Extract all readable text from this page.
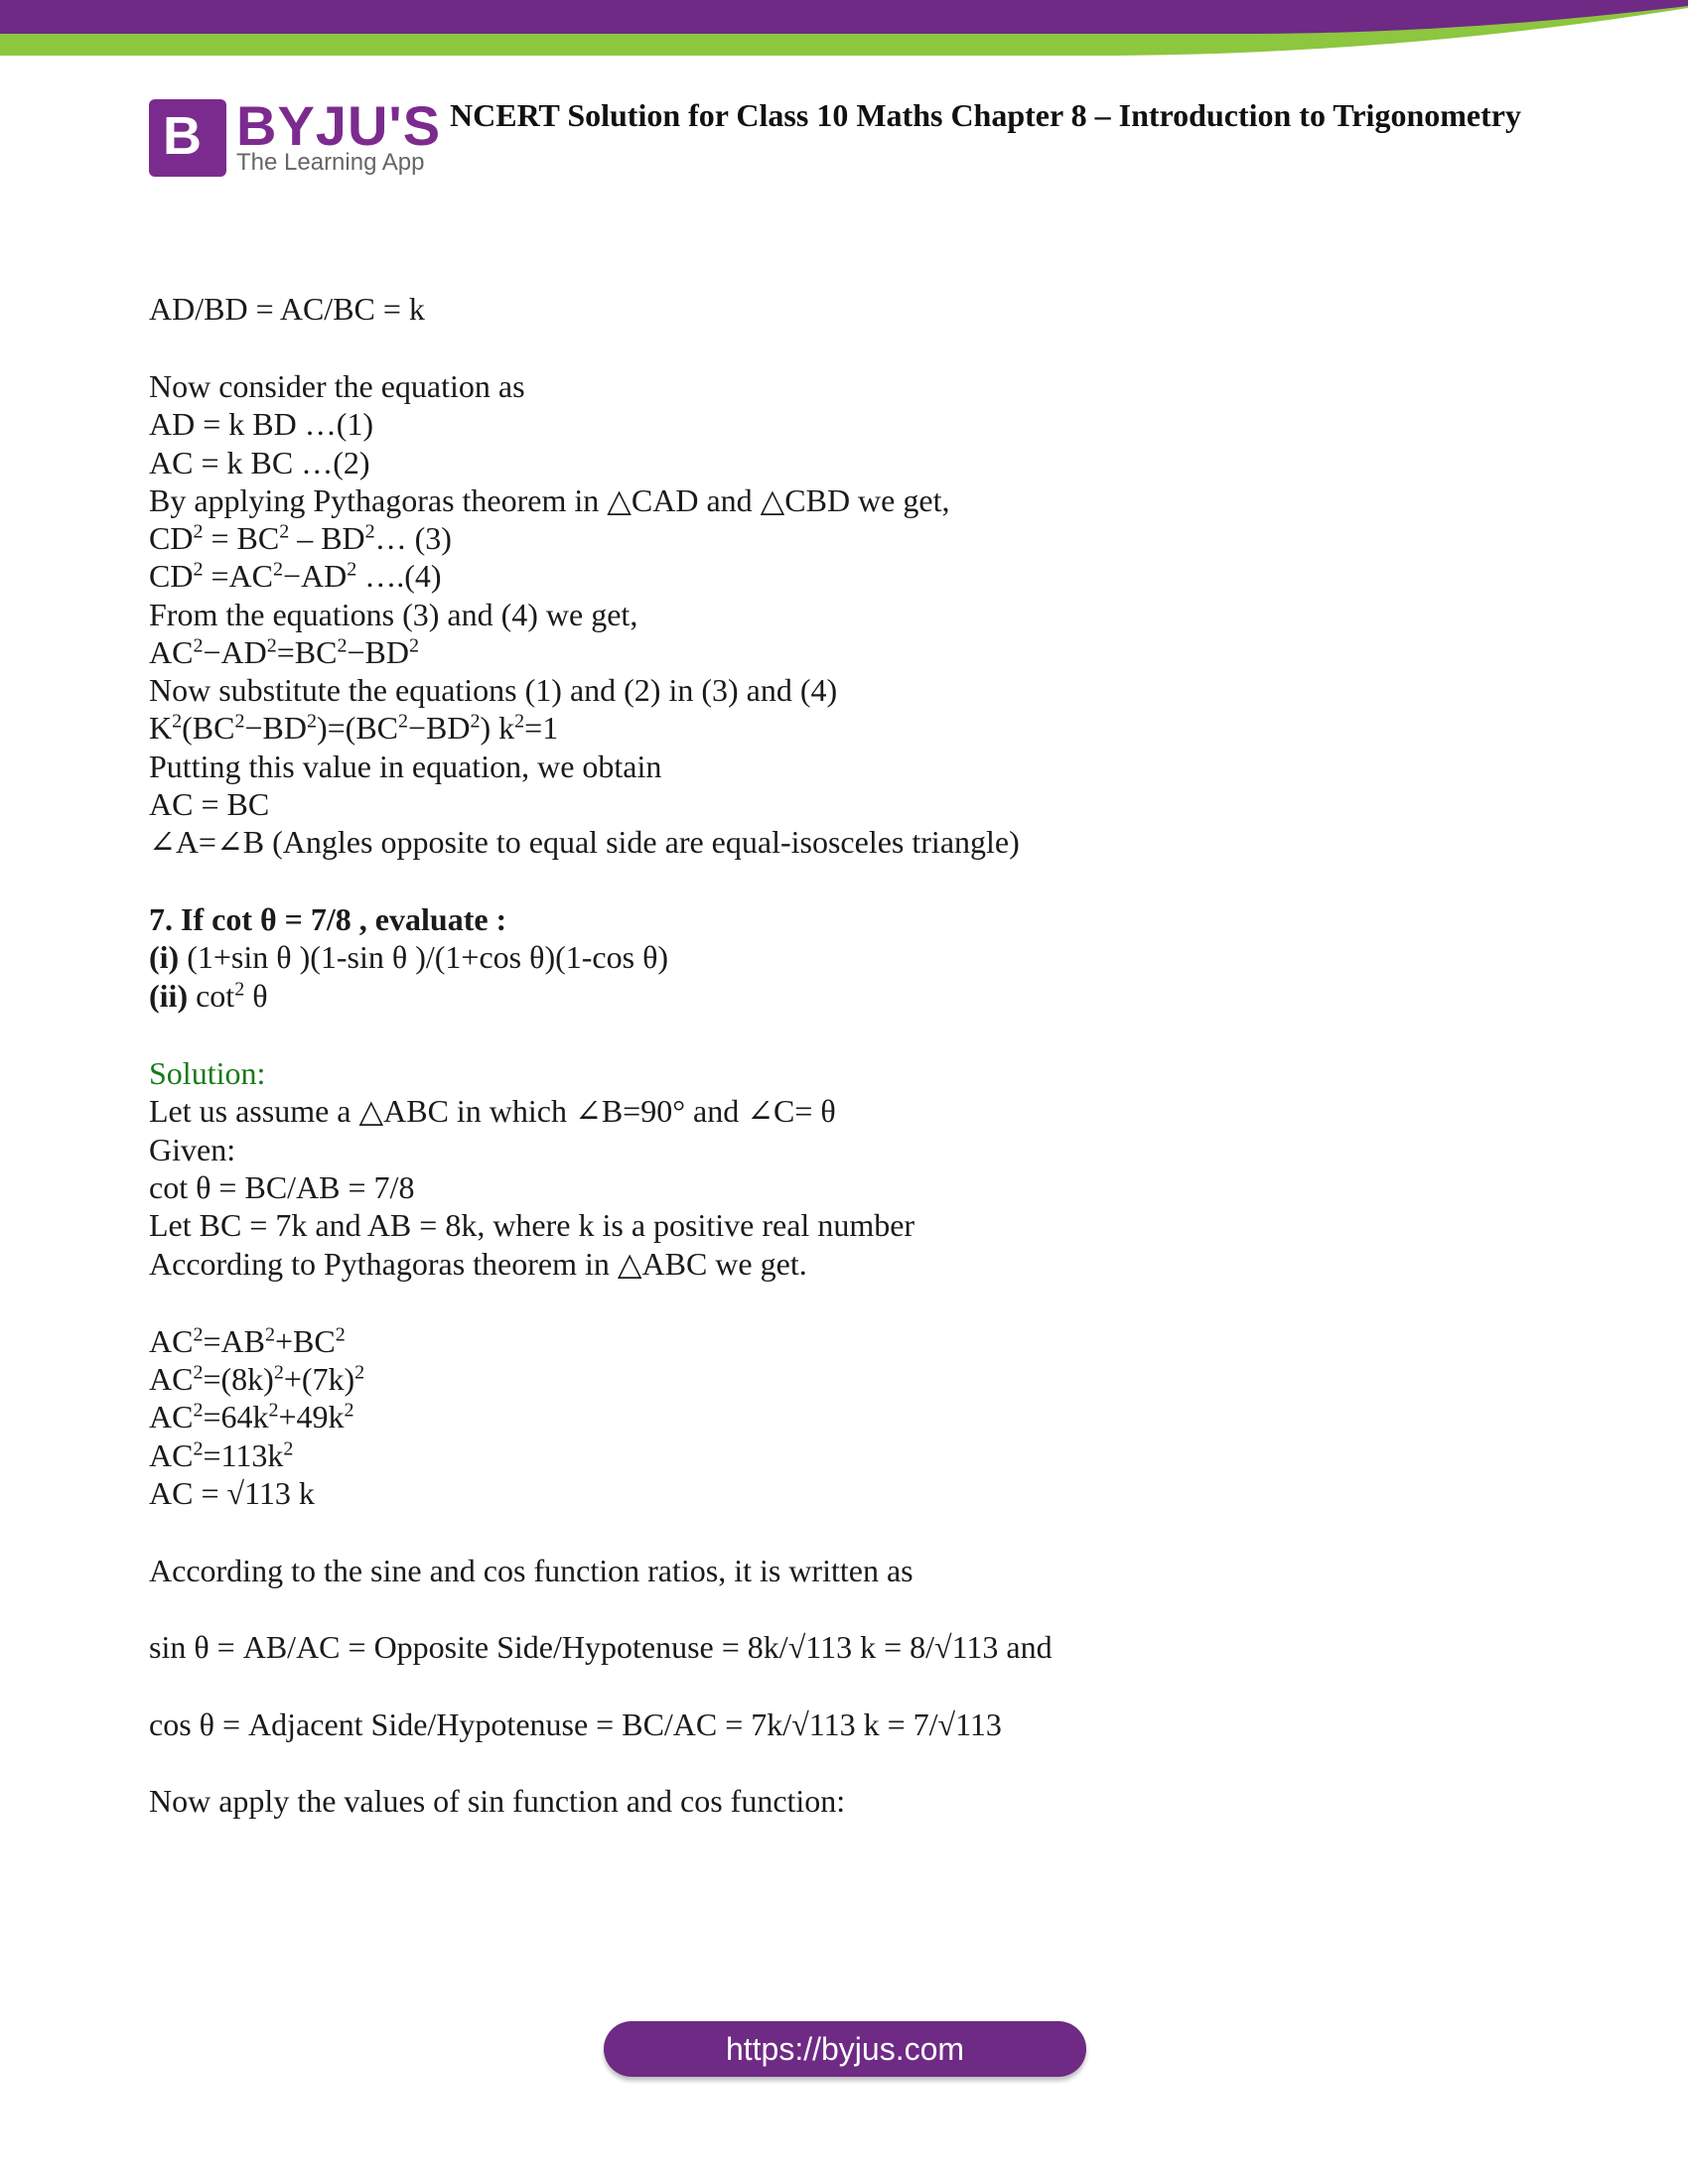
B BYJU'S
The Learning App
NCERT Solution for Class 10 Maths Chapter 8 – Introduction to Trigonometry
AD/BD = AC/BC = k
Now consider the equation as
AD = k BD …(1)
AC = k BC …(2)
By applying Pythagoras theorem in △CAD and △CBD we get,
$CD^2 = BC^2$ – $BD^2\dots$ (3)
$CD^2 =AC^2-AD^2$ ….(4)
From the equations (3) and (4) we get,
$AC^2-AD^2=BC^2-BD^2$
Now substitute the equations (1) and (2) in (3) and (4)
$K^2(BC^2-BD^2)=(BC^2-BD^2)$ $k^2=1$
Putting this value in equation, we obtain
AC = BC
∠A=∠B (Angles opposite to equal side are equal-isosceles triangle)
7. If cot θ = 7/8 , evaluate :
(i) (1+sin θ )(1-sin θ )/(1+cos θ)(1-cos θ)
(ii) $\cot^2 \theta$
Solution:
Let us assume a △ABC in which ∠B=90° and ∠C= θ
Given:
cot θ = BC/AB = 7/8
Let BC = 7k and AB = 8k, where k is a positive real number
According to Pythagoras theorem in △ABC we get.
$AC^2=AB^2+BC^2$
$AC^2=(8k)^2+(7k)^2$
$AC^2=64k^2+49k^2$
$AC^2=113k^2$
AC = √113 k
According to the sine and cos function ratios, it is written as
sin θ = AB/AC = Opposite Side/Hypotenuse = 8k/√113 k = 8/√113 and
cos θ = Adjacent Side/Hypotenuse = BC/AC = 7k/√113 k = 7/√113
Now apply the values of sin function and cos function:
https://byjus.com
